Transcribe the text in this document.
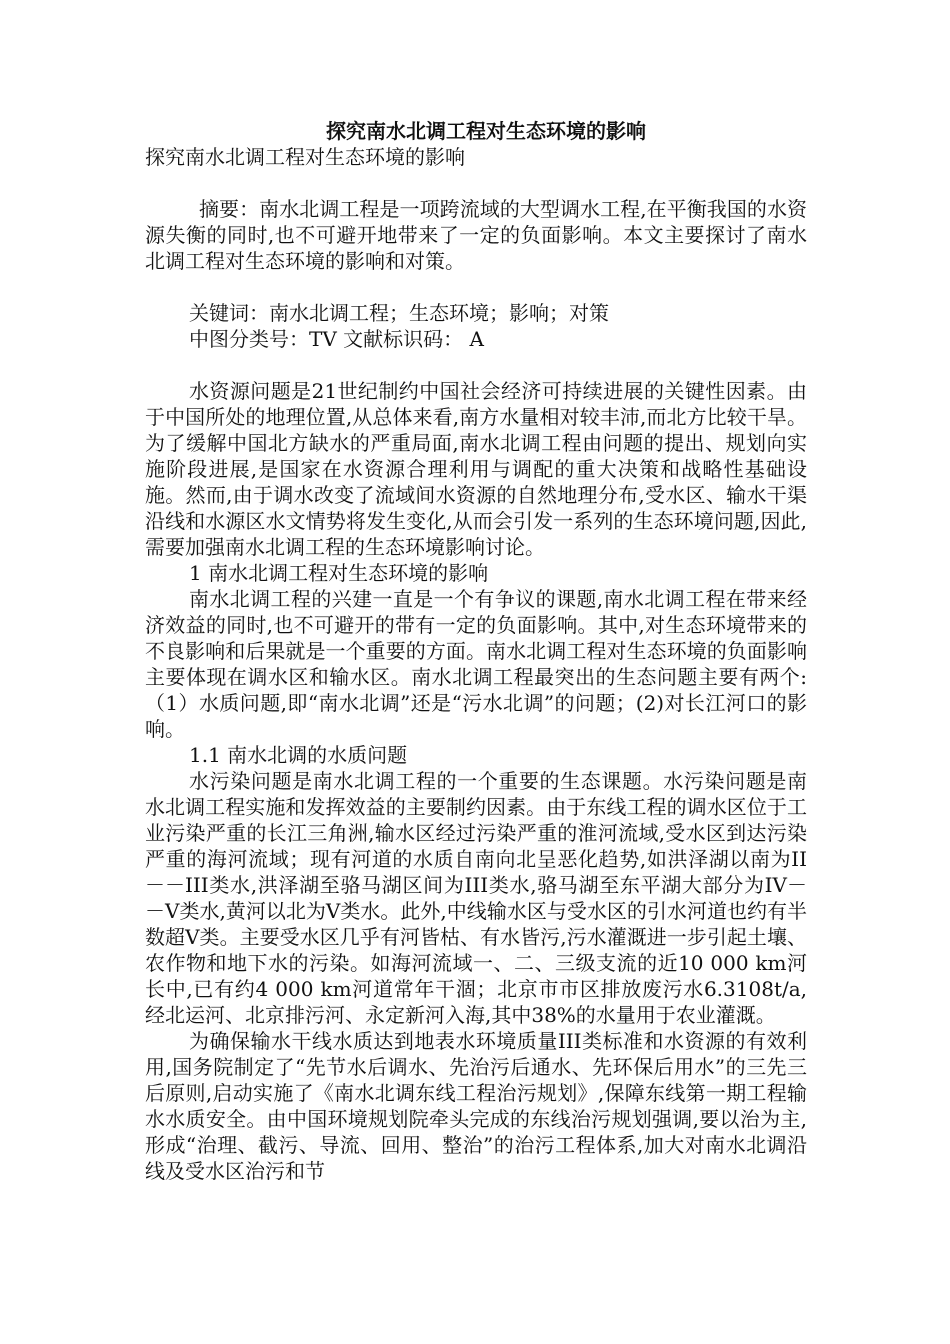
探究南水北调工程对生态环境的影响

探究南水北调工程对生态环境的影响

摘要：南水北调工程是一项跨流域的大型调水工程,在平衡我国的水资源失衡的同时,也不可避开地带来了一定的负面影响。本文主要探讨了南水北调工程对生态环境的影响和对策。

关键词：南水北调工程；生态环境；影响；对策

中图分类号：TV 文献标识码： A

水资源问题是21世纪制约中国社会经济可持续进展的关键性因素。由于中国所处的地理位置,从总体来看,南方水量相对较丰沛,而北方比较干旱。为了缓解中国北方缺水的严重局面,南水北调工程由问题的提出、规划向实施阶段进展,是国家在水资源合理利用与调配的重大决策和战略性基础设施。然而,由于调水改变了流域间水资源的自然地理分布,受水区、输水干渠沿线和水源区水文情势将发生变化,从而会引发一系列的生态环境问题,因此,需要加强南水北调工程的生态环境影响讨论。

1 南水北调工程对生态环境的影响

南水北调工程的兴建一直是一个有争议的课题,南水北调工程在带来经济效益的同时,也不可避开的带有一定的负面影响。其中,对生态环境带来的不良影响和后果就是一个重要的方面。南水北调工程对生态环境的负面影响主要体现在调水区和输水区。南水北调工程最突出的生态问题主要有两个:（1）水质问题,即“南水北调”还是“污水北调”的问题；(2)对长江河口的影响。

1.1 南水北调的水质问题

水污染问题是南水北调工程的一个重要的生态课题。水污染问题是南水北调工程实施和发挥效益的主要制约因素。由于东线工程的调水区位于工业污染严重的长江三角洲,输水区经过污染严重的淮河流域,受水区到达污染严重的海河流域；现有河道的水质自南向北呈恶化趋势,如洪泽湖以南为II－－III类水,洪泽湖至骆马湖区间为III类水,骆马湖至东平湖大部分为IV－－V类水,黄河以北为V类水。此外,中线输水区与受水区的引水河道也约有半数超V类。主要受水区几乎有河皆枯、有水皆污,污水灌溉进一步引起土壤、农作物和地下水的污染。如海河流域一、二、三级支流的近10 000 km河长中,已有约4 000 km河道常年干涸；北京市市区排放废污水6.3108t/a,经北运河、北京排污河、永定新河入海,其中38%的水量用于农业灌溉。

为确保输水干线水质达到地表水环境质量III类标准和水资源的有效利用,国务院制定了“先节水后调水、先治污后通水、先环保后用水”的三先三后原则,启动实施了《南水北调东线工程治污规划》,保障东线第一期工程输水水质安全。由中国环境规划院牵头完成的东线治污规划强调,要以治为主,形成“治理、截污、导流、回用、整治”的治污工程体系,加大对南水北调沿线及受水区治污和节
